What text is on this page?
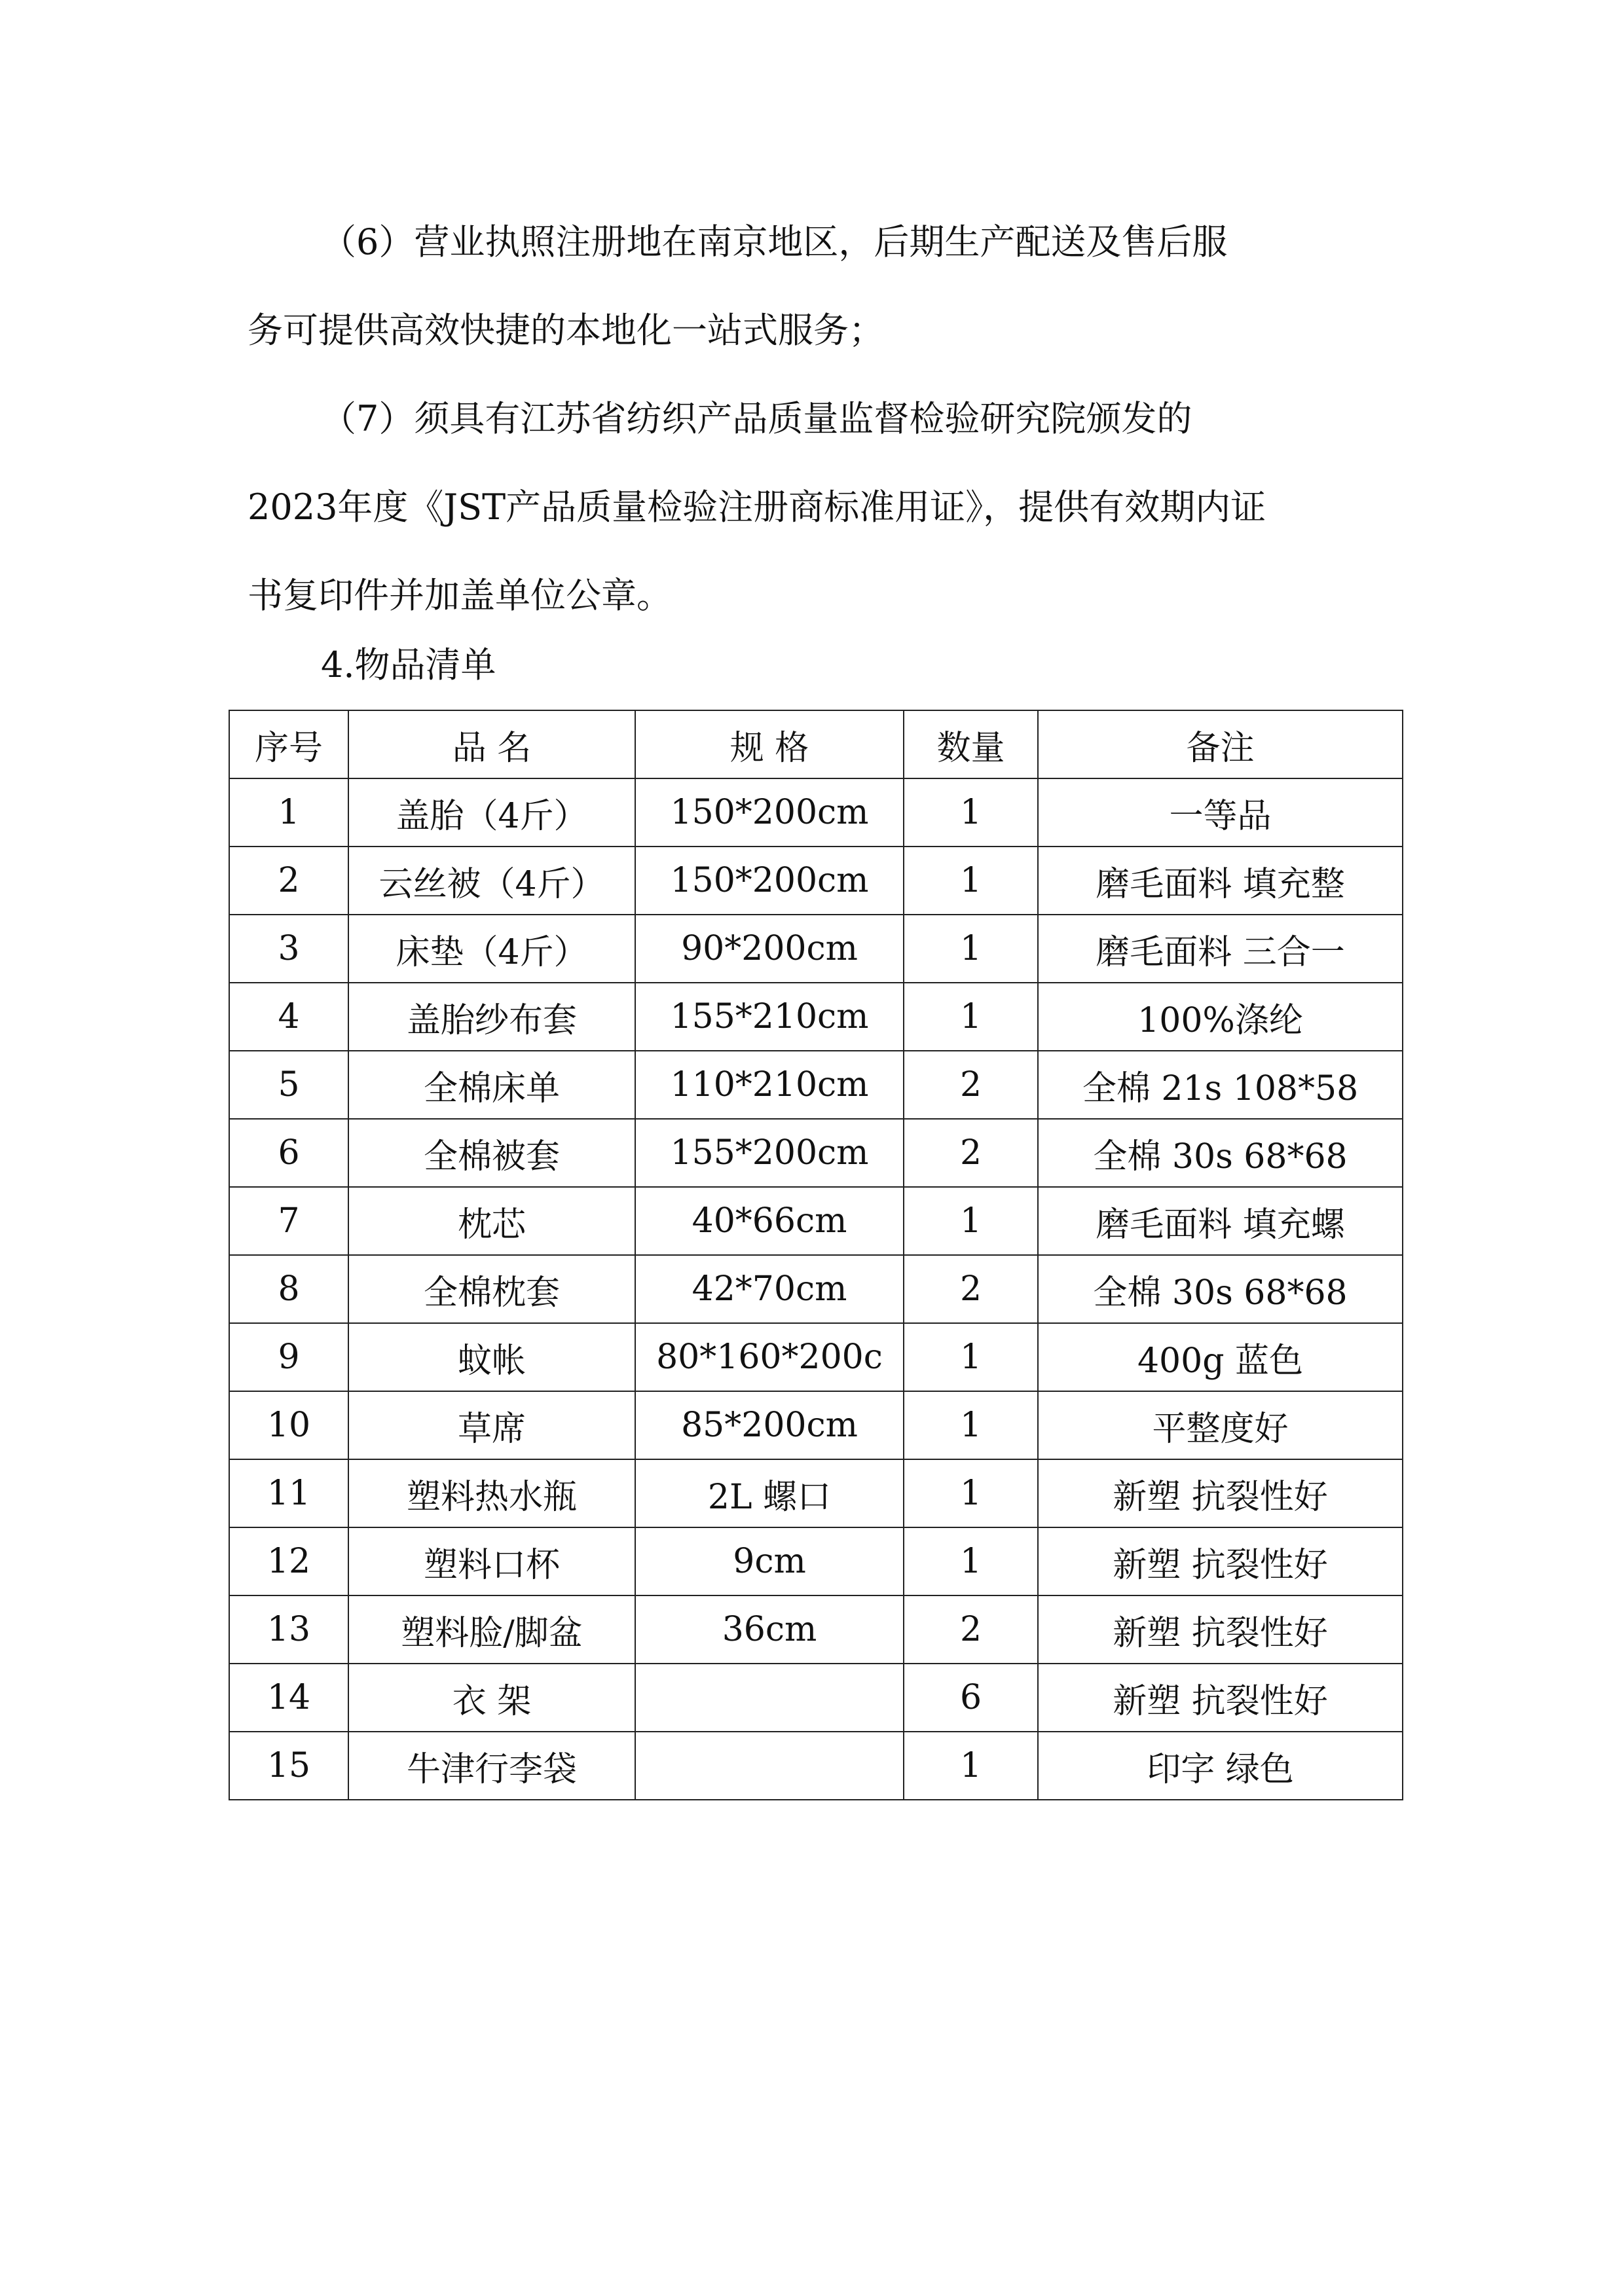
（6）营业执照注册地在南京地区，后期生产配送及售后服
务可提供高效快捷的本地化一站式服务；

（7）须具有江苏省纺织产品质量监督检验研究院颁发的
2023年度《JST产品质量检验注册商标准用证》，提供有效期内证
书复印件并加盖单位公章。

4.物品清单

序号	品 名	规 格	数量	备注
1	盖胎（4斤）	150*200cm	1	一等品
2	云丝被（4斤）	150*200cm	1	磨毛面料 填充整
3	床垫（4斤）	90*200cm	1	磨毛面料 三合一
4	盖胎纱布套	155*210cm	1	100%涤纶
5	全棉床单	110*210cm	2	全棉 21s 108*58
6	全棉被套	155*200cm	2	全棉 30s 68*68
7	枕芯	40*66cm	1	磨毛面料 填充螺
8	全棉枕套	42*70cm	2	全棉 30s 68*68
9	蚊帐	80*160*200c	1	400g 蓝色
10	草席	85*200cm	1	平整度好
11	塑料热水瓶	2L 螺口	1	新塑 抗裂性好
12	塑料口杯	9cm	1	新塑 抗裂性好
13	塑料脸/脚盆	36cm	2	新塑 抗裂性好
14	衣 架		6	新塑 抗裂性好
15	牛津行李袋		1	印字 绿色
